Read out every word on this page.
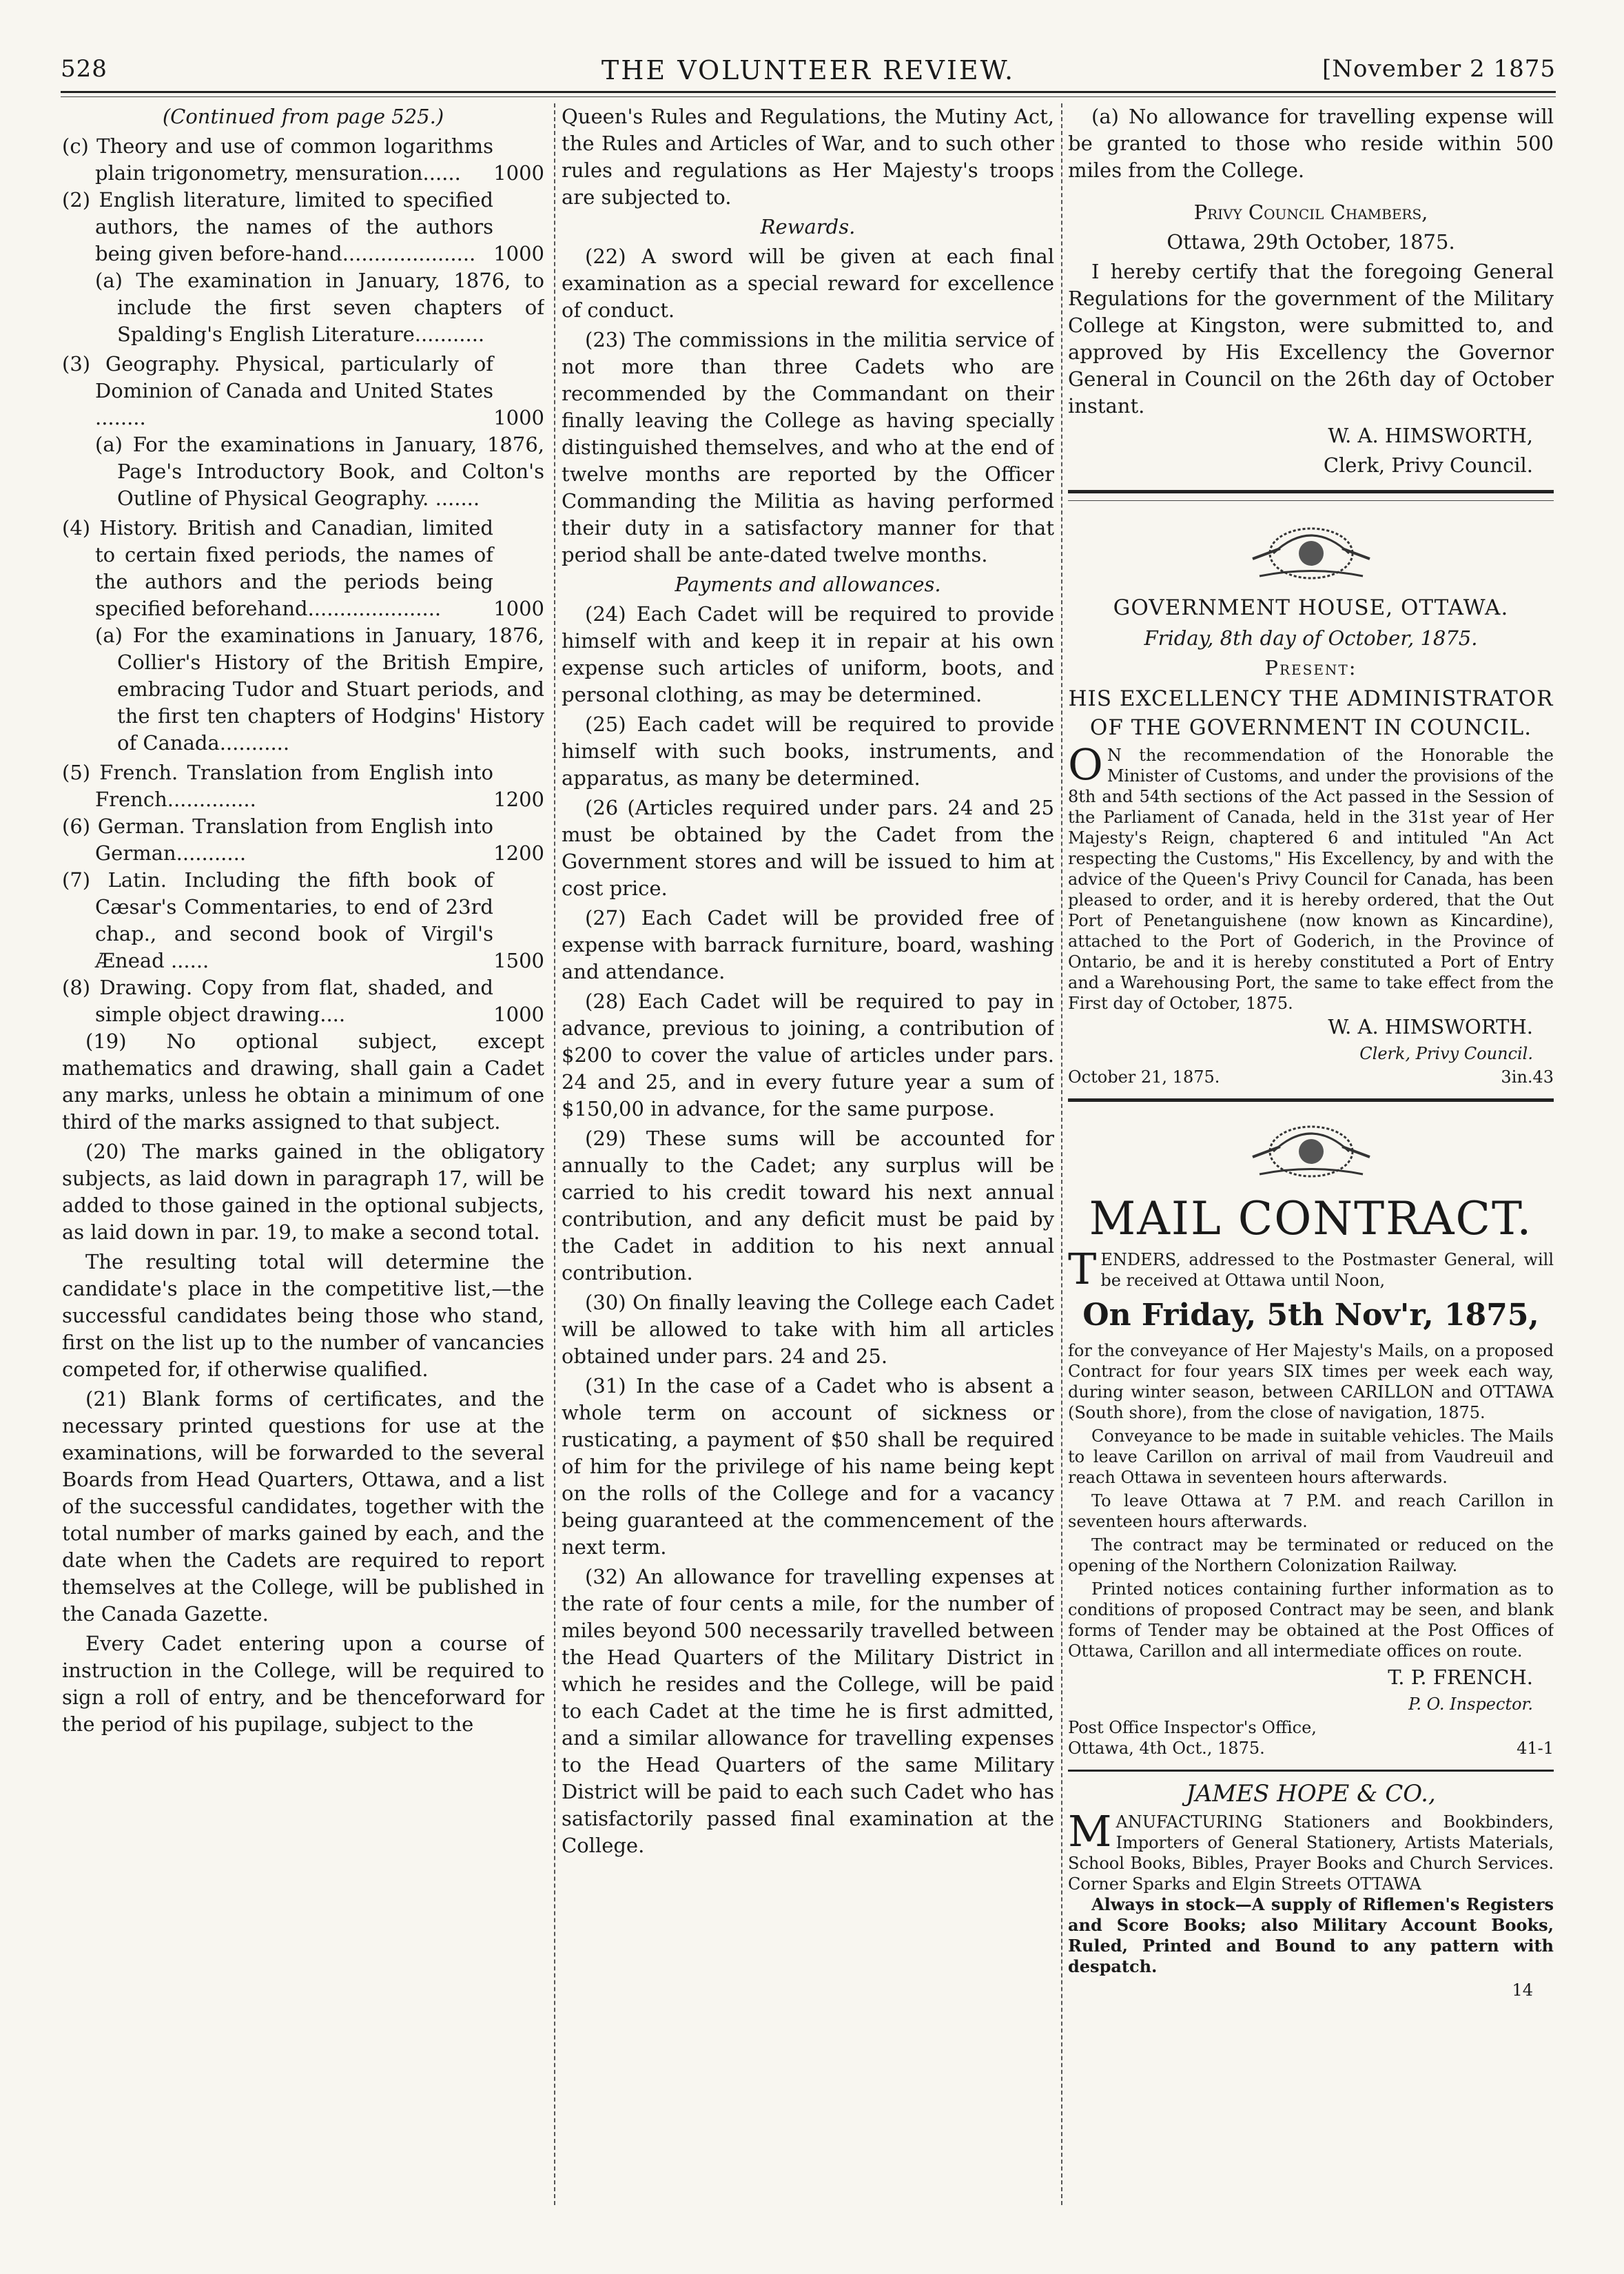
528	THE VOLUNTEER REVIEW.	[November 2 1875

(Continued from page 525.)

(c) Theory and use of common logarithms plain trigonometry, mensuration......	1000
(2) English literature, limited to specified authors, the names of the authors being given before-hand..................... 1000

(a) The examination in January, 1876, to include the first seven chapters of Spalding's English Literature...........

(3) Geography. Physical, particularly of Dominion of Canada and United States ........	1000

(a) For the examinations in January, 1876, Page's Introductory Book, and Colton's Outline of Physical Geography. .......

(4) History. British and Canadian, limited to certain fixed periods, the names of the authors and the periods being specified beforehand.....................	1000

(a) For the examinations in January, 1876, Collier's History of the British Empire, embracing Tudor and Stuart periods, and the first ten chapters of Hodgins' History of Canada...........

(5) French. Translation from English into French..............	1200
(6) German. Translation from English into German...........	1200
(7) Latin. Including the fifth book of Cæsar's Commentaries, to end of 23rd chap., and second book of Virgil's Ænead ......	1500
(8) Drawing. Copy from flat, shaded, and simple object drawing....	1000

(19) No optional subject, except mathematics and drawing, shall gain a Cadet any marks, unless he obtain a minimum of one third of the marks assigned to that subject.

(20) The marks gained in the obligatory subjects, as laid down in paragraph 17, will be added to those gained in the optional subjects, as laid down in par. 19, to make a second total.

The resulting total will determine the candidate's place in the competitive list,—the successful candidates being those who stand, first on the list up to the number of vancancies competed for, if otherwise qualified.

(21) Blank forms of certificates, and the necessary printed questions for use at the examinations, will be forwarded to the several Boards from Head Quarters, Ottawa, and a list of the successful candidates, together with the total number of marks gained by each, and the date when the Cadets are required to report themselves at the College, will be published in the Canada Gazette.

Every Cadet entering upon a course of instruction in the College, will be required to sign a roll of entry, and be thenceforward for the period of his pupilage, subject to the

Queen's Rules and Regulations, the Mutiny Act, the Rules and Articles of War, and to such other rules and regulations as Her Majesty's troops are subjected to.

Rewards.

(22) A sword will be given at each final examination as a special reward for excellence of conduct.

(23) The commissions in the militia service of not more than three Cadets who are recommended by the Commandant on their finally leaving the College as having specially distinguished themselves, and who at the end of twelve months are reported by the Officer Commanding the Militia as having performed their duty in a satisfactory manner for that period shall be ante-dated twelve months.

Payments and allowances.

(24) Each Cadet will be required to provide himself with and keep it in repair at his own expense such articles of uniform, boots, and personal clothing, as may be determined.

(25) Each cadet will be required to provide himself with such books, instruments, and apparatus, as many be determined.

(26 (Articles required under pars. 24 and 25 must be obtained by the Cadet from the Government stores and will be issued to him at cost price.

(27) Each Cadet will be provided free of expense with barrack furniture, board, washing and attendance.

(28) Each Cadet will be required to pay in advance, previous to joining, a contribution of $200 to cover the value of articles under pars. 24 and 25, and in every future year a sum of $150,00 in advance, for the same purpose.

(29) These sums will be accounted for annually to the Cadet; any surplus will be carried to his credit toward his next annual contribution, and any deficit must be paid by the Cadet in addition to his next annual contribution.

(30) On finally leaving the College each Cadet will be allowed to take with him all articles obtained under pars. 24 and 25.

(31) In the case of a Cadet who is absent a whole term on account of sickness or rusticating, a payment of $50 shall be required of him for the privilege of his name being kept on the rolls of the College and for a vacancy being guaranteed at the commencement of the next term.

(32) An allowance for travelling expenses at the rate of four cents a mile, for the number of miles beyond 500 necessarily travelled between the Head Quarters of the Military District in which he resides and the College, will be paid to each Cadet at the time he is first admitted, and a similar allowance for travelling expenses to the Head Quarters of the same Military District will be paid to each such Cadet who has satisfactorily passed final examination at the College.

(a) No allowance for travelling expense will be granted to those who reside within 500 miles from the College.

Privy Council Chambers,

Ottawa, 29th October, 1875.

I hereby certify that the foregoing General Regulations for the government of the Military College at Kingston, were submitted to, and approved by His Excellency the Governor General in Council on the 26th day of October instant.

W. A. HIMSWORTH,

Clerk, Privy Council.

GOVERNMENT HOUSE, OTTAWA.

Friday, 8th day of October, 1875.

Present:

HIS EXCELLENCY THE ADMINISTRATOR OF THE GOVERNMENT IN COUNCIL.

O N the recommendation of the Honorable the Minister of Customs, and under the provisions of the 8th and 54th sections of the Act passed in the Session of the Parliament of Canada, held in the 31st year of Her Majesty's Reign, chaptered 6 and intituled "An Act respecting the Customs," His Excellency, by and with the advice of the Queen's Privy Council for Canada, has been pleased to order, and it is hereby ordered, that the Out Port of Penetanguishene (now known as Kincardine), attached to the Port of Goderich, in the Province of Ontario, be and it is hereby constituted a Port of Entry and a Warehousing Port, the same to take effect from the First day of October, 1875.

W. A. HIMSWORTH.

Clerk, Privy Council.

October 21, 1875.	3in.43

MAIL CONTRACT.

T ENDERS, addressed to the Postmaster General, will be received at Ottawa until Noon,

On Friday, 5th Nov'r, 1875,

for the conveyance of Her Majesty's Mails, on a proposed Contract for four years SIX times per week each way, during winter season, between CARILLON and OTTAWA (South shore), from the close of navigation, 1875.

Conveyance to be made in suitable vehicles. The Mails to leave Carillon on arrival of mail from Vaudreuil and reach Ottawa in seventeen hours afterwards.

To leave Ottawa at 7 P.M. and reach Carillon in seventeen hours afterwards.

The contract may be terminated or reduced on the opening of the Northern Colonization Railway.

Printed notices containing further information as to conditions of proposed Contract may be seen, and blank forms of Tender may be obtained at the Post Offices of Ottawa, Carillon and all intermediate offices on route.

T. P. FRENCH.

P. O. Inspector.

Post Office Inspector's Office,
Ottawa, 4th Oct., 1875.	41-1

JAMES HOPE & CO.,

M ANUFACTURING Stationers and Bookbinders, Importers of General Stationery, Artists Materials, School Books, Bibles, Prayer Books and Church Services. Corner Sparks and Elgin Streets OTTAWA

Always in stock—A supply of Riflemen's Registers and Score Books; also Military Account Books, Ruled, Printed and Bound to any pattern with despatch.

14
